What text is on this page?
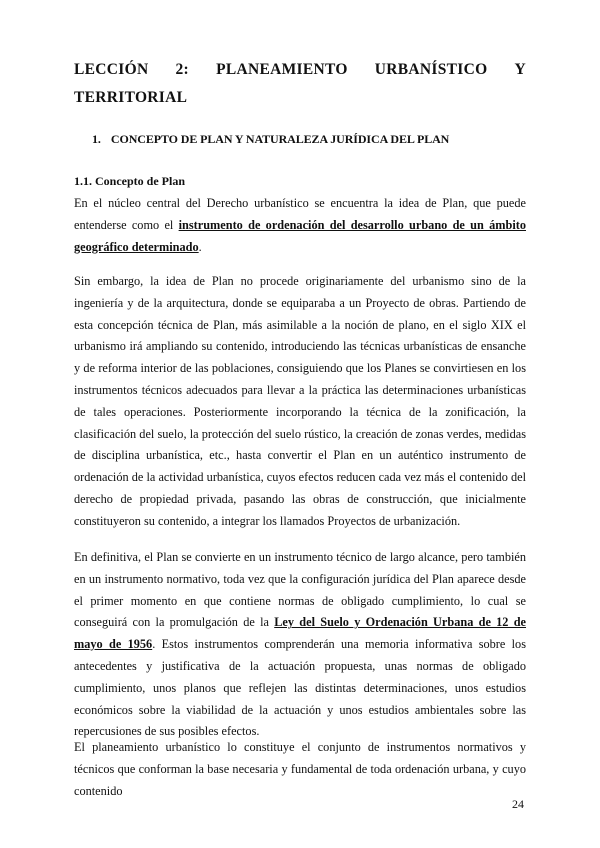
LECCIÓN 2: PLANEAMIENTO URBANÍSTICO Y
TERRITORIAL
1. CONCEPTO DE PLAN Y NATURALEZA JURÍDICA DEL PLAN
1.1. Concepto de Plan

En el núcleo central del Derecho urbanístico se encuentra la idea de Plan, que puede entenderse como el instrumento de ordenación del desarrollo urbano de un ámbito geográfico determinado.

Sin embargo, la idea de Plan no procede originariamente del urbanismo sino de la ingeniería y de la arquitectura, donde se equiparaba a un Proyecto de obras. Partiendo de esta concepción técnica de Plan, más asimilable a la noción de plano, en el siglo XIX el urbanismo irá ampliando su contenido, introduciendo las técnicas urbanísticas de ensanche y de reforma interior de las poblaciones, consiguiendo que los Planes se convirtiesen en los instrumentos técnicos adecuados para llevar a la práctica las determinaciones urbanísticas de tales operaciones. Posteriormente incorporando la técnica de la zonificación, la clasificación del suelo, la protección del suelo rústico, la creación de zonas verdes, medidas de disciplina urbanística, etc., hasta convertir el Plan en un auténtico instrumento de ordenación de la actividad urbanística, cuyos efectos reducen cada vez más el contenido del derecho de propiedad privada, pasando las obras de construcción, que inicialmente constituyeron su contenido, a integrar los llamados Proyectos de urbanización.

En definitiva, el Plan se convierte en un instrumento técnico de largo alcance, pero también en un instrumento normativo, toda vez que la configuración jurídica del Plan aparece desde el primer momento en que contiene normas de obligado cumplimiento, lo cual se conseguirá con la promulgación de la Ley del Suelo y Ordenación Urbana de 12 de mayo de 1956. Estos instrumentos comprenderán una memoria informativa sobre los antecedentes y justificativa de la actuación propuesta, unas normas de obligado cumplimiento, unos planos que reflejen las distintas determinaciones, unos estudios económicos sobre la viabilidad de la actuación y unos estudios ambientales sobre las repercusiones de sus posibles efectos.

El planeamiento urbanístico lo constituye el conjunto de instrumentos normativos y técnicos que conforman la base necesaria y fundamental de toda ordenación urbana, y cuyo contenido

24
